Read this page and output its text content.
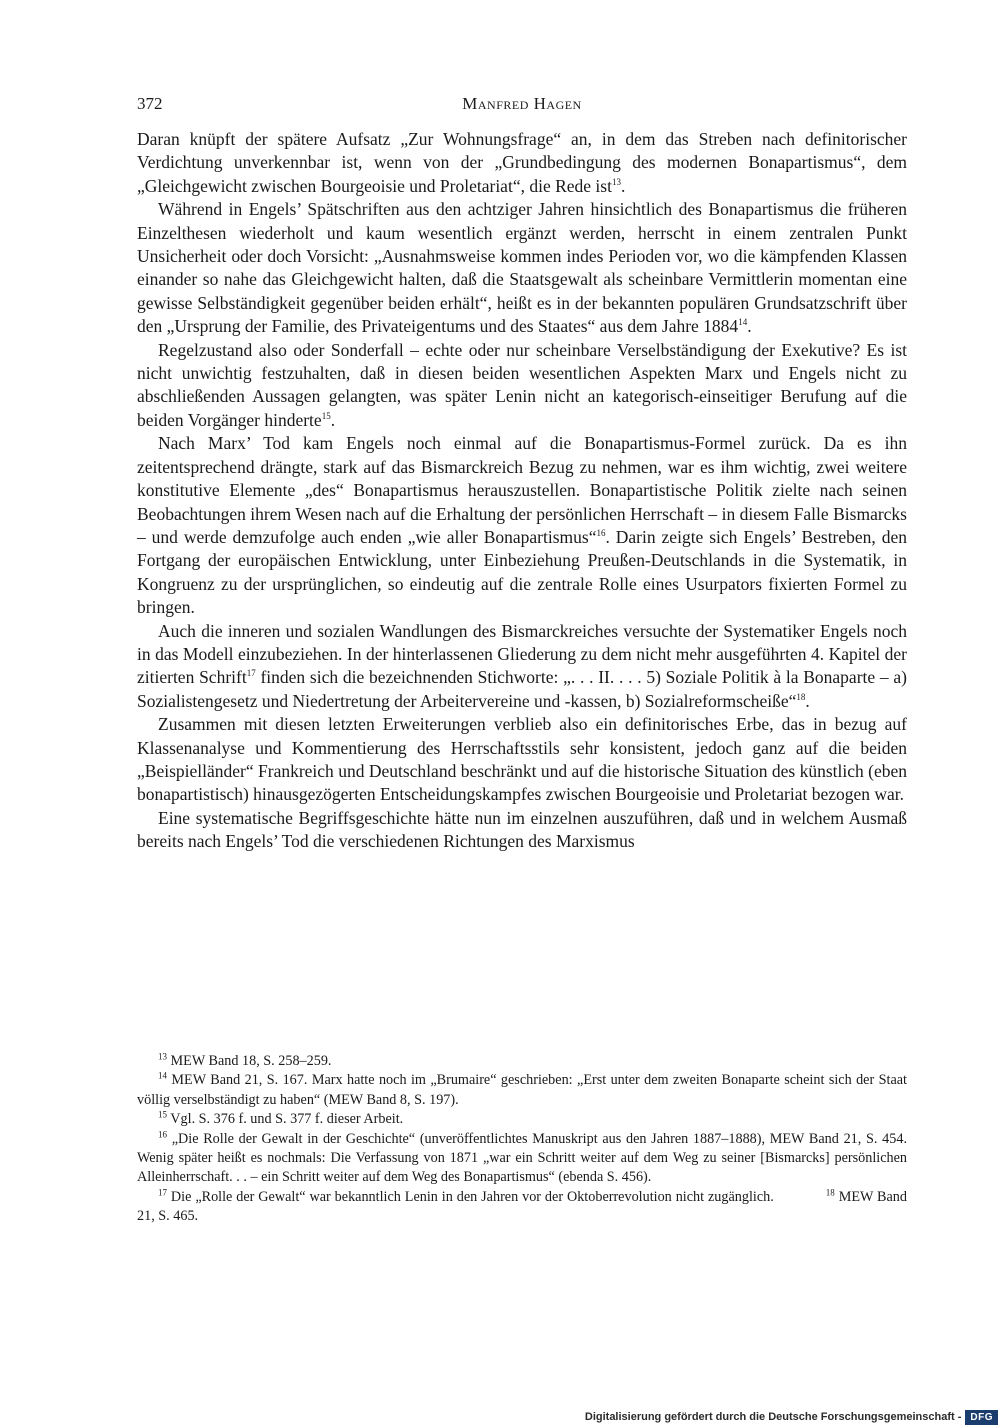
372	Manfred Hagen

Daran knüpft der spätere Aufsatz „Zur Wohnungsfrage“ an, in dem das Streben nach definitorischer Verdichtung unverkennbar ist, wenn von der „Grundbedingung des modernen Bonapartismus“, dem „Gleichgewicht zwischen Bourgeoisie und Proletariat“, die Rede ist$^{13}$.

Während in Engels’ Spätschriften aus den achtziger Jahren hinsichtlich des Bonapartismus die früheren Einzelthesen wiederholt und kaum wesentlich ergänzt werden, herrscht in einem zentralen Punkt Unsicherheit oder doch Vorsicht: „Ausnahmsweise kommen indes Perioden vor, wo die kämpfenden Klassen einander so nahe das Gleichgewicht halten, daß die Staatsgewalt als scheinbare Vermittlerin momentan eine gewisse Selbständigkeit gegenüber beiden erhält“, heißt es in der bekannten populären Grundsatzschrift über den „Ursprung der Familie, des Privateigentums und des Staates“ aus dem Jahre 1884$^{14}$.

Regelzustand also oder Sonderfall – echte oder nur scheinbare Verselbständigung der Exekutive? Es ist nicht unwichtig festzuhalten, daß in diesen beiden wesentlichen Aspekten Marx und Engels nicht zu abschließenden Aussagen gelangten, was später Lenin nicht an kategorisch-einseitiger Berufung auf die beiden Vorgänger hinderte$^{15}$.

Nach Marx’ Tod kam Engels noch einmal auf die Bonapartismus-Formel zurück. Da es ihn zeitentsprechend drängte, stark auf das Bismarckreich Bezug zu nehmen, war es ihm wichtig, zwei weitere konstitutive Elemente „des“ Bonapartismus herauszustellen. Bonapartistische Politik zielte nach seinen Beobachtungen ihrem Wesen nach auf die Erhaltung der persönlichen Herrschaft – in diesem Falle Bismarcks – und werde demzufolge auch enden „wie aller Bonapartismus“$^{16}$. Darin zeigte sich Engels’ Bestreben, den Fortgang der europäischen Entwicklung, unter Einbeziehung Preußen-Deutschlands in die Systematik, in Kongruenz zu der ursprünglichen, so eindeutig auf die zentrale Rolle eines Usurpators fixierten Formel zu bringen.

Auch die inneren und sozialen Wandlungen des Bismarckreiches versuchte der Systematiker Engels noch in das Modell einzubeziehen. In der hinterlassenen Gliederung zu dem nicht mehr ausgeführten 4. Kapitel der zitierten Schrift$^{17}$ finden sich die bezeichnenden Stichworte: „. . . II. . . . 5) Soziale Politik à la Bonaparte – a) Sozialistengesetz und Niedertretung der Arbeitervereine und -kassen, b) Sozialreformscheiße“$^{18}$.

Zusammen mit diesen letzten Erweiterungen verblieb also ein definitorisches Erbe, das in bezug auf Klassenanalyse und Kommentierung des Herrschaftsstils sehr konsistent, jedoch ganz auf die beiden „Beispielländer“ Frankreich und Deutschland beschränkt und auf die historische Situation des künstlich (eben bonapartistisch) hinausgezögerten Entscheidungskampfes zwischen Bourgeoisie und Proletariat bezogen war.

Eine systematische Begriffsgeschichte hätte nun im einzelnen auszuführen, daß und in welchem Ausmaß bereits nach Engels’ Tod die verschiedenen Richtungen des Marxismus

$^{13}$ MEW Band 18, S. 258–259.

$^{14}$ MEW Band 21, S. 167. Marx hatte noch im „Brumaire“ geschrieben: „Erst unter dem zweiten Bonaparte scheint sich der Staat völlig verselbständigt zu haben“ (MEW Band 8, S. 197).

$^{15}$ Vgl. S. 376 f. und S. 377 f. dieser Arbeit.

$^{16}$ „Die Rolle der Gewalt in der Geschichte“ (unveröffentlichtes Manuskript aus den Jahren 1887–1888), MEW Band 21, S. 454. Wenig später heißt es nochmals: Die Verfassung von 1871 „war ein Schritt weiter auf dem Weg zu seiner [Bismarcks] persönlichen Alleinherrschaft. . . – ein Schritt weiter auf dem Weg des Bonapartismus“ (ebenda S. 456).

$^{17}$ Die „Rolle der Gewalt“ war bekanntlich Lenin in den Jahren vor der Oktoberrevolution nicht zugänglich.	$^{18}$ MEW Band 21, S. 465.

Digitalisierung gefördert durch die Deutsche Forschungsgemeinschaft - DFG
